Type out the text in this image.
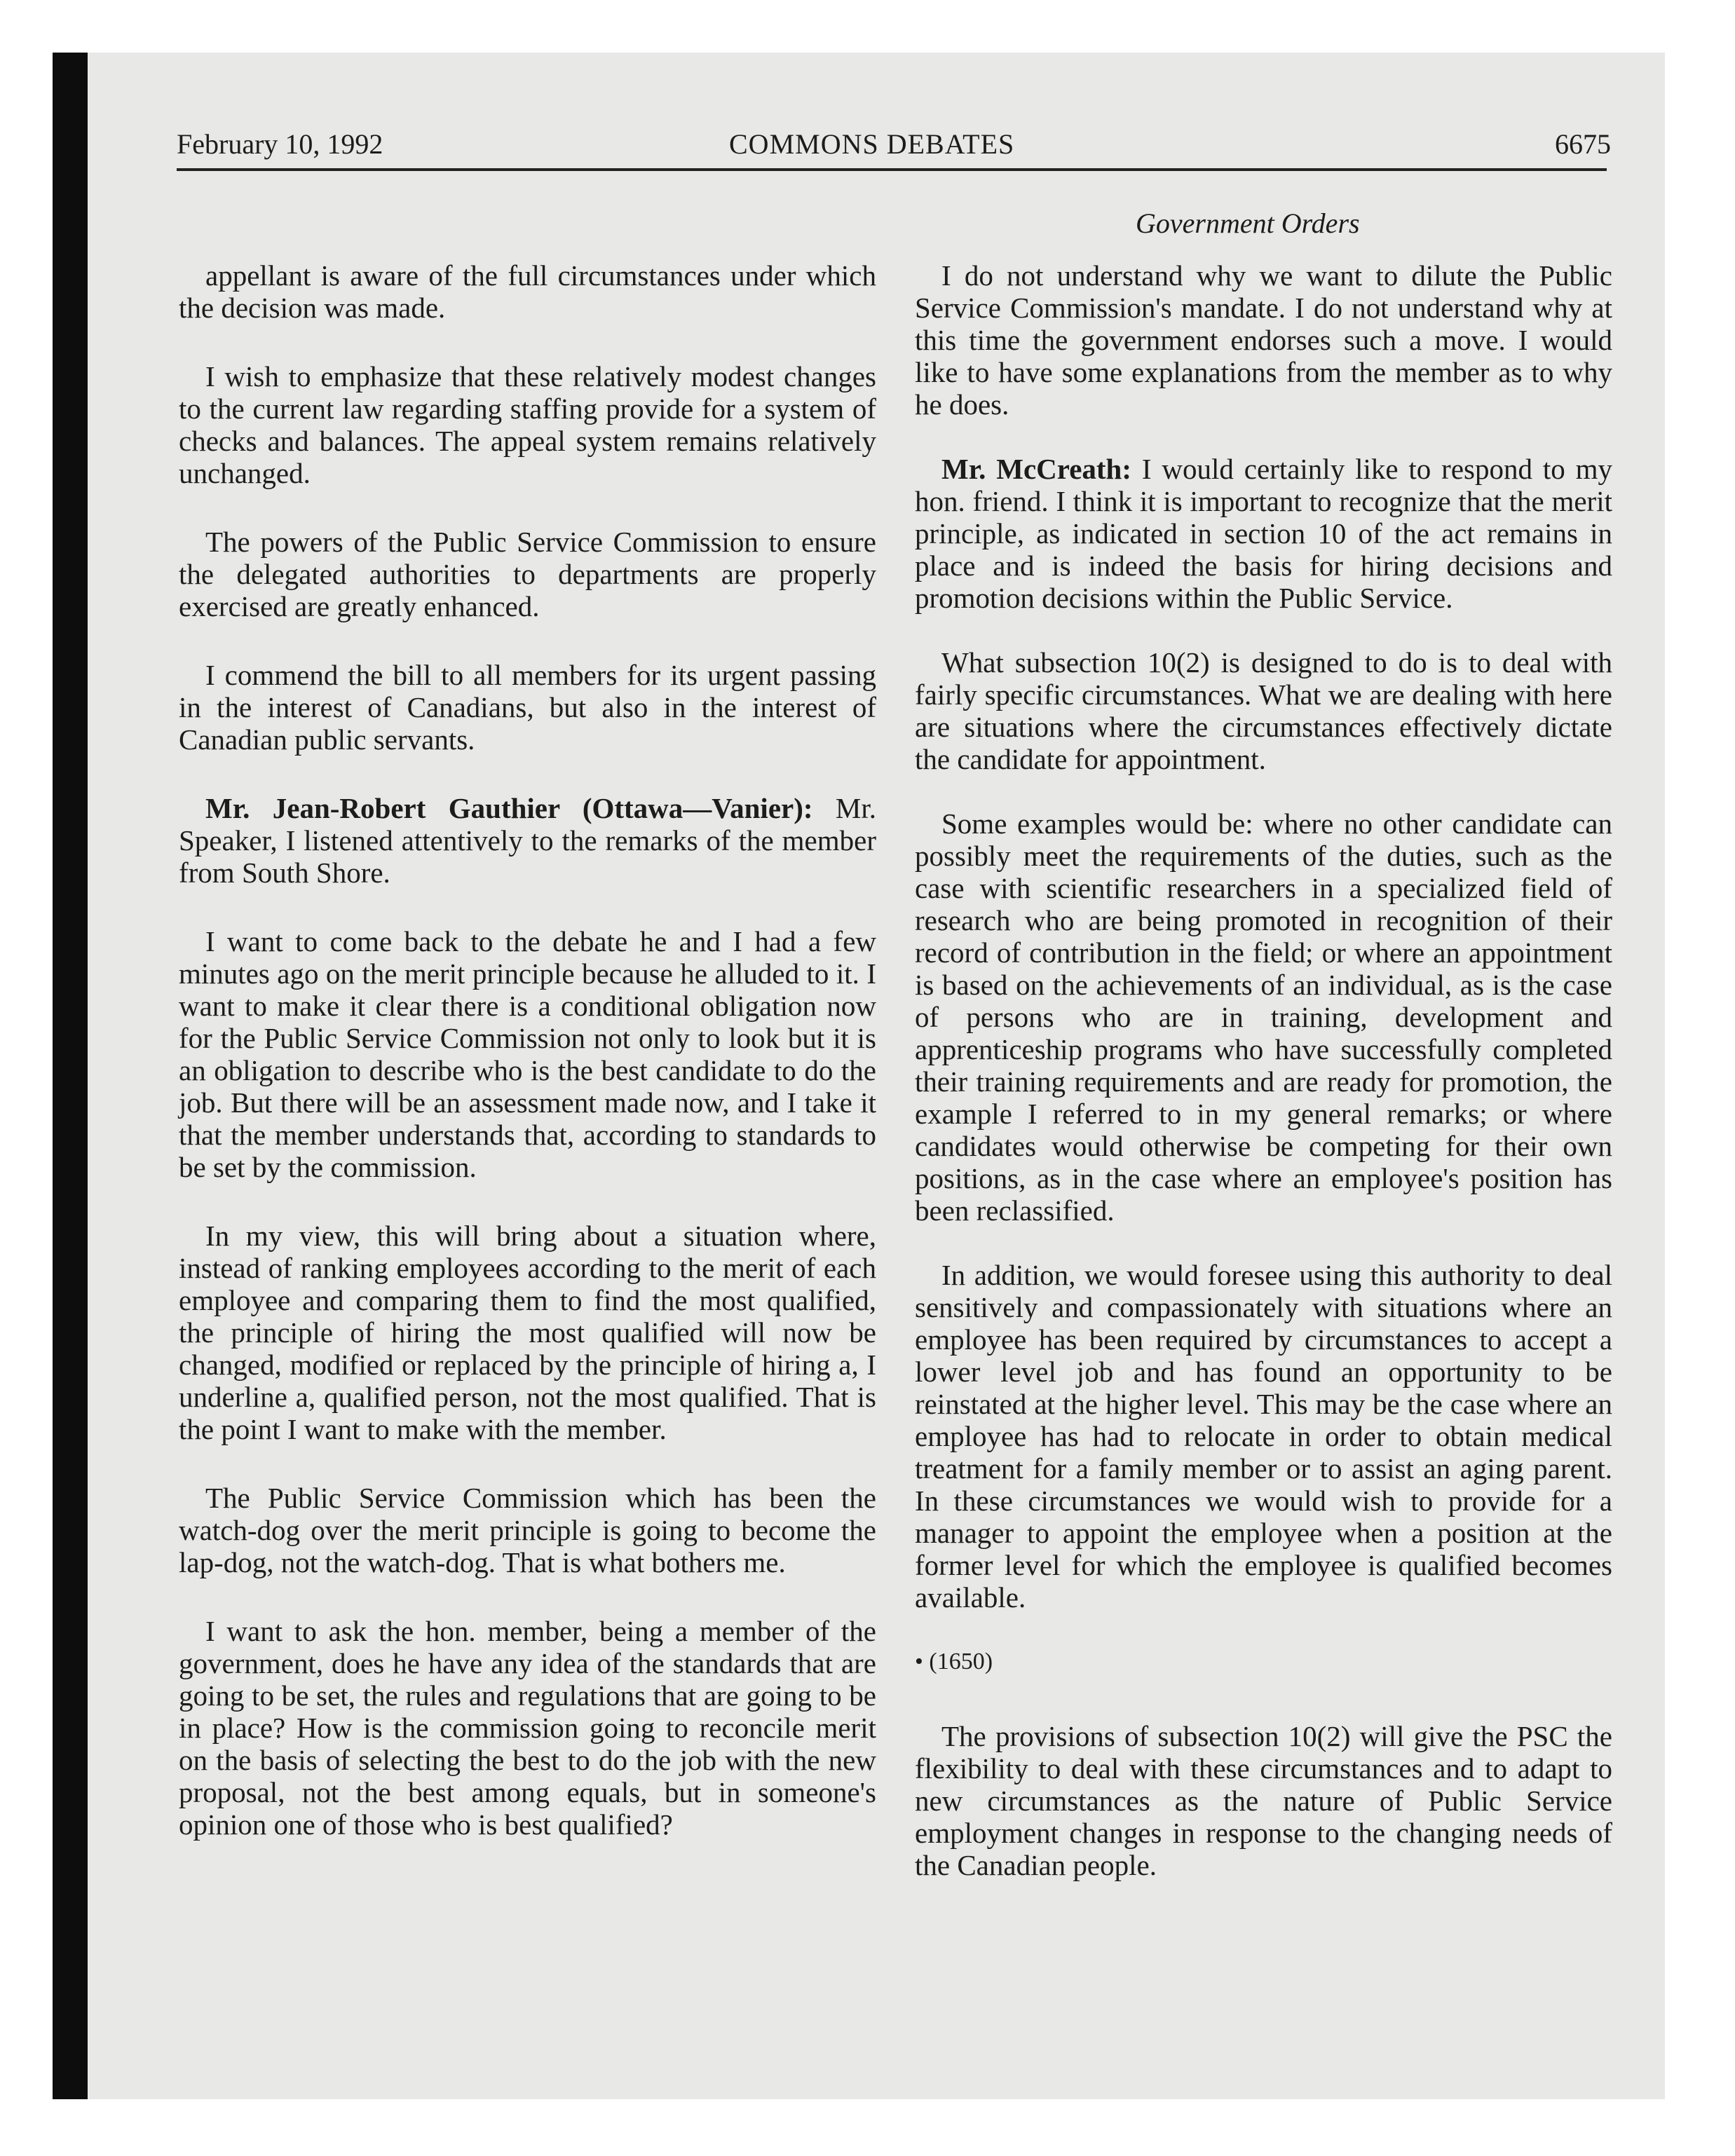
February 10, 1992	COMMONS DEBATES	6675
Government Orders

appellant is aware of the full circumstances under which the decision was made.

I wish to emphasize that these relatively modest changes to the current law regarding staffing provide for a system of checks and balances. The appeal system remains relatively unchanged.

The powers of the Public Service Commission to ensure the delegated authorities to departments are properly exercised are greatly enhanced.

I commend the bill to all members for its urgent passing in the interest of Canadians, but also in the interest of Canadian public servants.

Mr. Jean-Robert Gauthier (Ottawa—Vanier): Mr. Speaker, I listened attentively to the remarks of the member from South Shore.

I want to come back to the debate he and I had a few minutes ago on the merit principle because he alluded to it. I want to make it clear there is a conditional obligation now for the Public Service Commission not only to look but it is an obligation to describe who is the best candidate to do the job. But there will be an assessment made now, and I take it that the member understands that, according to standards to be set by the commission.

In my view, this will bring about a situation where, instead of ranking employees according to the merit of each employee and comparing them to find the most qualified, the principle of hiring the most qualified will now be changed, modified or replaced by the principle of hiring a, I underline a, qualified person, not the most qualified. That is the point I want to make with the member.

The Public Service Commission which has been the watch-dog over the merit principle is going to become the lap-dog, not the watch-dog. That is what bothers me.

I want to ask the hon. member, being a member of the government, does he have any idea of the standards that are going to be set, the rules and regulations that are going to be in place? How is the commission going to reconcile merit on the basis of selecting the best to do the job with the new proposal, not the best among equals, but in someone's opinion one of those who is best qualified?

I do not understand why we want to dilute the Public Service Commission's mandate. I do not understand why at this time the government endorses such a move. I would like to have some explanations from the member as to why he does.

Mr. McCreath: I would certainly like to respond to my hon. friend. I think it is important to recognize that the merit principle, as indicated in section 10 of the act remains in place and is indeed the basis for hiring decisions and promotion decisions within the Public Service.

What subsection 10(2) is designed to do is to deal with fairly specific circumstances. What we are dealing with here are situations where the circumstances effectively dictate the candidate for appointment.

Some examples would be: where no other candidate can possibly meet the requirements of the duties, such as the case with scientific researchers in a specialized field of research who are being promoted in recognition of their record of contribution in the field; or where an appointment is based on the achievements of an individual, as is the case of persons who are in training, development and apprenticeship programs who have successfully completed their training requirements and are ready for promotion, the example I referred to in my general remarks; or where candidates would otherwise be competing for their own positions, as in the case where an employee's position has been reclassified.

In addition, we would foresee using this authority to deal sensitively and compassionately with situations where an employee has been required by circumstances to accept a lower level job and has found an opportunity to be reinstated at the higher level. This may be the case where an employee has had to relocate in order to obtain medical treatment for a family member or to assist an aging parent. In these circumstances we would wish to provide for a manager to appoint the employee when a position at the former level for which the employee is qualified becomes available.

• (1650)

The provisions of subsection 10(2) will give the PSC the flexibility to deal with these circumstances and to adapt to new circumstances as the nature of Public Service employment changes in response to the changing needs of the Canadian people.
